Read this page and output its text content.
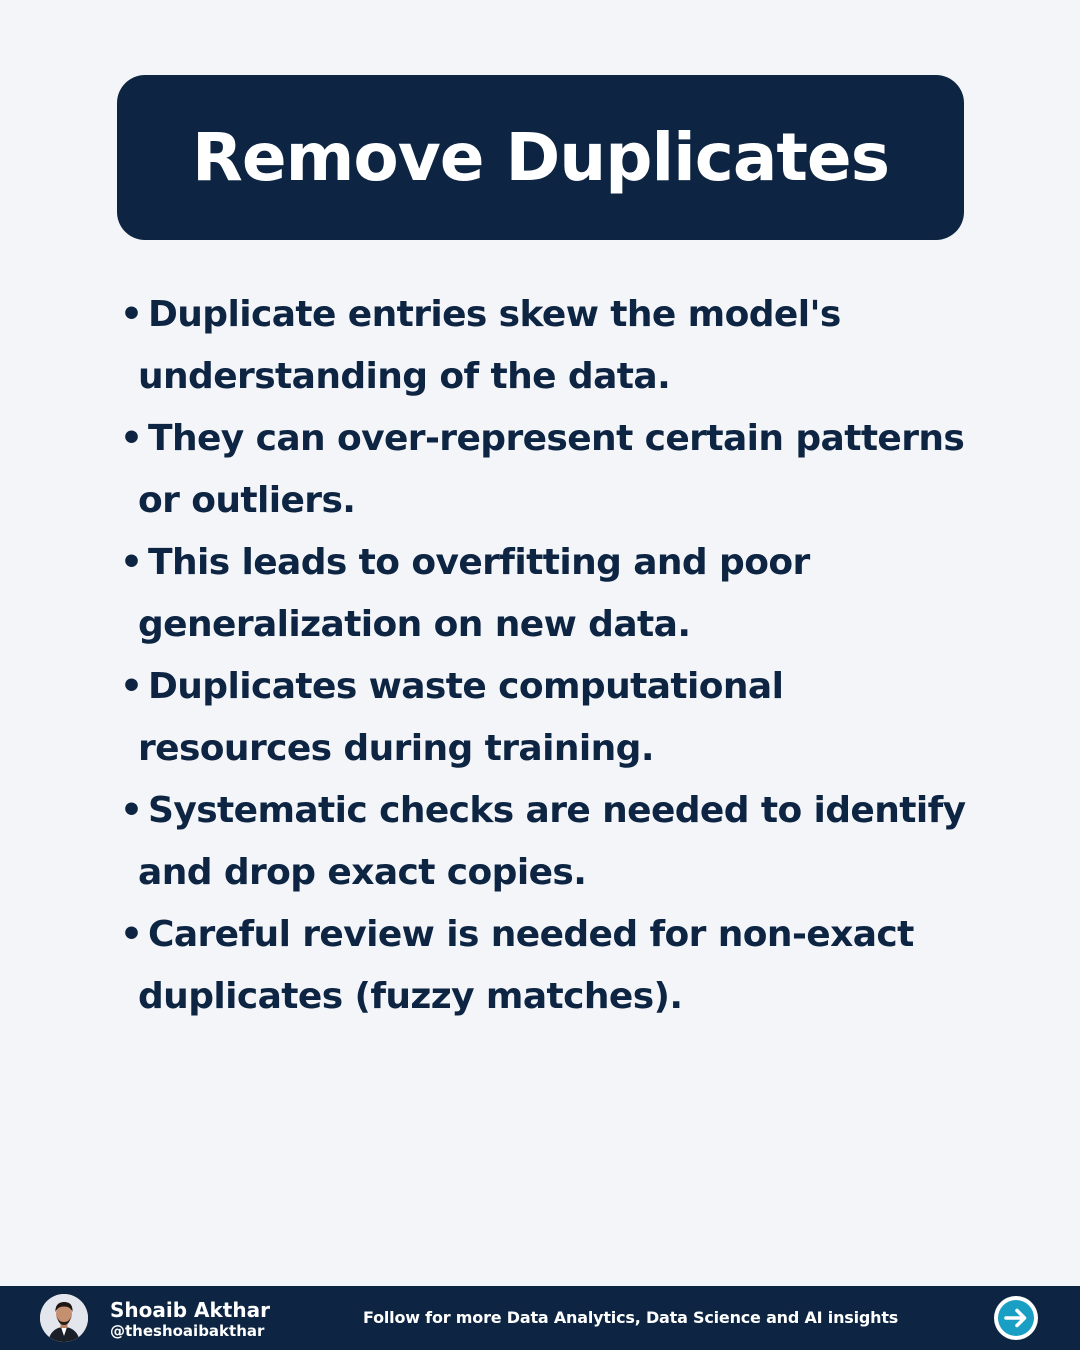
Remove Duplicates
• Duplicate entries skew the model's understanding of the data.
• They can over-represent certain patterns or outliers.
• This leads to overfitting and poor generalization on new data.
• Duplicates waste computational resources during training.
• Systematic checks are needed to identify and drop exact copies.
• Careful review is needed for non-exact duplicates (fuzzy matches).
Shoaib Akthar
@theshoaibakthar
Follow for more Data Analytics, Data Science and AI insights
